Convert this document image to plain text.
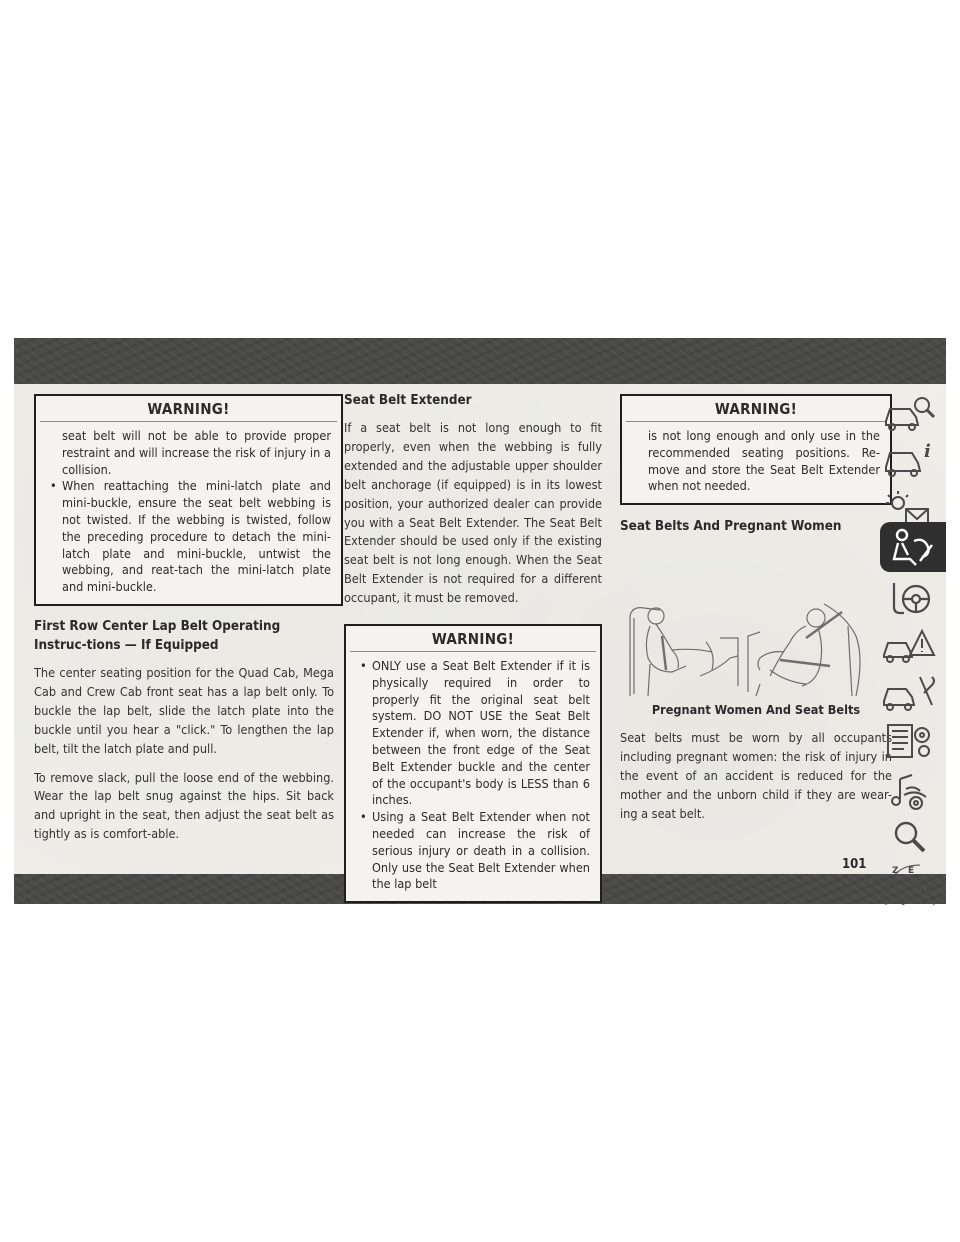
WARNING!
seat belt will not be able to provide proper restraint and will increase the risk of injury in a collision.
• When reattaching the mini-latch plate and mini-buckle, ensure the seat belt webbing is not twisted. If the webbing is twisted, follow the preceding procedure to detach the mini-latch plate and mini-buckle, untwist the webbing, and reat-tach the mini-latch plate and mini-buckle.
First Row Center Lap Belt Operating Instruc-tions — If Equipped
The center seating position for the Quad Cab, Mega Cab and Crew Cab front seat has a lap belt only. To buckle the lap belt, slide the latch plate into the buckle until you hear a "click." To lengthen the lap belt, tilt the latch plate and pull.
To remove slack, pull the loose end of the webbing. Wear the lap belt snug against the hips. Sit back and upright in the seat, then adjust the seat belt as tightly as is comfort-able.
Seat Belt Extender
If a seat belt is not long enough to fit properly, even when the webbing is fully extended and the adjustable upper shoulder belt anchorage (if equipped) is in its lowest position, your authorized dealer can provide you with a Seat Belt Extender. The Seat Belt Extender should be used only if the existing seat belt is not long enough. When the Seat Belt Extender is not required for a different occupant, it must be removed.
WARNING!
• ONLY use a Seat Belt Extender if it is physically required in order to properly fit the original seat belt system. DO NOT USE the Seat Belt Extender if, when worn, the distance between the front edge of the Seat Belt Extender buckle and the center of the occupant's body is LESS than 6 inches.
• Using a Seat Belt Extender when not needed can increase the risk of serious injury or death in a collision. Only use the Seat Belt Extender when the lap belt
WARNING!
is not long enough and only use in the recommended seating positions. Re-move and store the Seat Belt Extender when not needed.
Seat Belts And Pregnant Women
Pregnant Women And Seat Belts
Seat belts must be worn by all occupants including pregnant women: the risk of injury in the event of an accident is reduced for the mother and the unborn child if they are wear-ing a seat belt.
i
Z E
B A
C D
T
101
